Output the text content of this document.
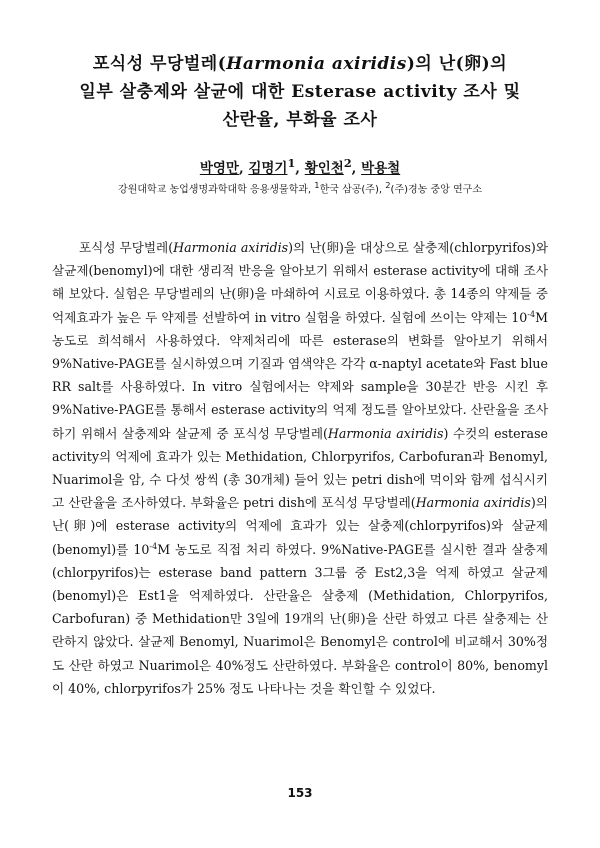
포식성 무당벌레(Harmonia axiridis)의 난(卵)의
일부 살충제와 살균에 대한 Esterase activity 조사 및
산란율, 부화율 조사
박영만, 김명기$^1$, 황인천$^2$, 박용철
강원대학교 농업생명과학대학 응용생물학과, $^1$한국 삼공(주), $^2$(주)경농 중앙 연구소
포식성 무당벌레(Harmonia axiridis)의 난(卵)을 대상으로 살충제(chlorpyrifos)와 살균제(benomyl)에 대한 생리적 반응을 알아보기 위해서 esterase activity에 대해 조사해 보았다. 실험은 무당벌레의 난(卵)을 마쇄하여 시료로 이용하였다. 총 14종의 약제들 중 억제효과가 높은 두 약제를 선발하여 in vitro 실험을 하였다. 실험에 쓰이는 약제는 $10^{-4}M$ 농도로 희석해서 사용하였다. 약제처리에 따른 esterase의 변화를 알아보기 위해서 9%Native-PAGE를 실시하였으며 기질과 염색약은 각각 α-naptyl acetate와 Fast blue RR salt를 사용하였다. In vitro 실험에서는 약제와 sample을 30분간 반응 시킨 후 9%Native-PAGE를 통해서 esterase activity의 억제 정도를 알아보았다. 산란율을 조사하기 위해서 살충제와 살균제 중 포식성 무당벌레(Harmonia axiridis) 수컷의 esterase activity의 억제에 효과가 있는 Methidation, Chlorpyrifos, Carbofuran과 Benomyl, Nuarimol을 암, 수 다섯 쌍씩 (총 30개체) 들어 있는 petri dish에 먹이와 함께 섭식시키고 산란율을 조사하였다. 부화율은 petri dish에 포식성 무당벌레(Harmonia axiridis)의 난(卵)에 esterase activity의 억제에 효과가 있는 살충제(chlorpyrifos)와 살균제(benomyl)를 $10^{-4}M$ 농도로 직접 처리 하였다. 9%Native-PAGE를 실시한 결과 살충제(chlorpyrifos)는 esterase band pattern 3그룹 중 Est2,3을 억제 하였고 살균제(benomyl)은 Est1을 억제하였다. 산란율은 살충제 (Methidation, Chlorpyrifos, Carbofuran) 중 Methidation만 3일에 19개의 난(卵)을 산란 하였고 다른 살충제는 산란하지 않았다. 살균제 Benomyl, Nuarimol은 Benomyl은 control에 비교해서 30%정도 산란 하였고 Nuarimol은 40%정도 산란하였다. 부화율은 control이 80%, benomyl이 40%, chlorpyrifos가 25% 정도 나타나는 것을 확인할 수 있었다.
153
